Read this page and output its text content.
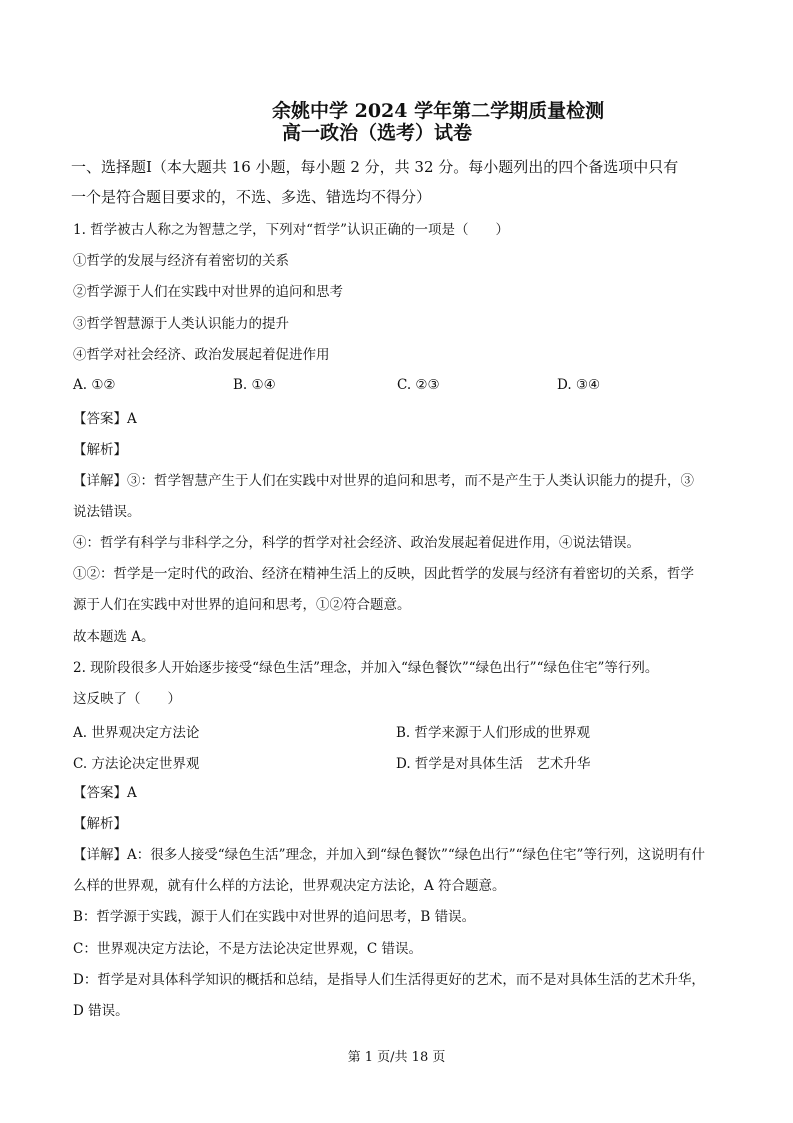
余姚中学 2024 学年第二学期质量检测
高一政治（选考）试卷
一、选择题Ⅰ（本大题共 16 小题，每小题 2 分，共 32 分。每小题列出的四个备选项中只有
一个是符合题目要求的，不选、多选、错选均不得分）
1. 哲学被古人称之为智慧之学，下列对“哲学”认识正确的一项是（　　）
①哲学的发展与经济有着密切的关系
②哲学源于人们在实践中对世界的追问和思考
③哲学智慧源于人类认识能力的提升
④哲学对社会经济、政治发展起着促进作用
A. ①②	B. ①④	C. ②③	D. ③④
【答案】A
【解析】
【详解】③：哲学智慧产生于人们在实践中对世界的追问和思考，而不是产生于人类认识能力的提升，③
说法错误。
④：哲学有科学与非科学之分，科学的哲学对社会经济、政治发展起着促进作用，④说法错误。
①②：哲学是一定时代的政治、经济在精神生活上的反映，因此哲学的发展与经济有着密切的关系，哲学
源于人们在实践中对世界的追问和思考，①②符合题意。
故本题选 A。
2. 现阶段很多人开始逐步接受“绿色生活”理念，并加入“绿色餐饮”“绿色出行”“绿色住宅”等行列。
这反映了（　　）
A. 世界观决定方法论	B. 哲学来源于人们形成的世界观
C. 方法论决定世界观	D. 哲学是对具体生活　艺术升华
【答案】A
【解析】
【详解】A：很多人接受“绿色生活”理念，并加入到“绿色餐饮”“绿色出行”“绿色住宅”等行列，这说明有什
么样的世界观，就有什么样的方法论，世界观决定方法论，A 符合题意。
B：哲学源于实践，源于人们在实践中对世界的追问思考，B 错误。
C：世界观决定方法论，不是方法论决定世界观，C 错误。
D：哲学是对具体科学知识的概括和总结，是指导人们生活得更好的艺术，而不是对具体生活的艺术升华，
D 错误。
第 1 页/共 18 页
